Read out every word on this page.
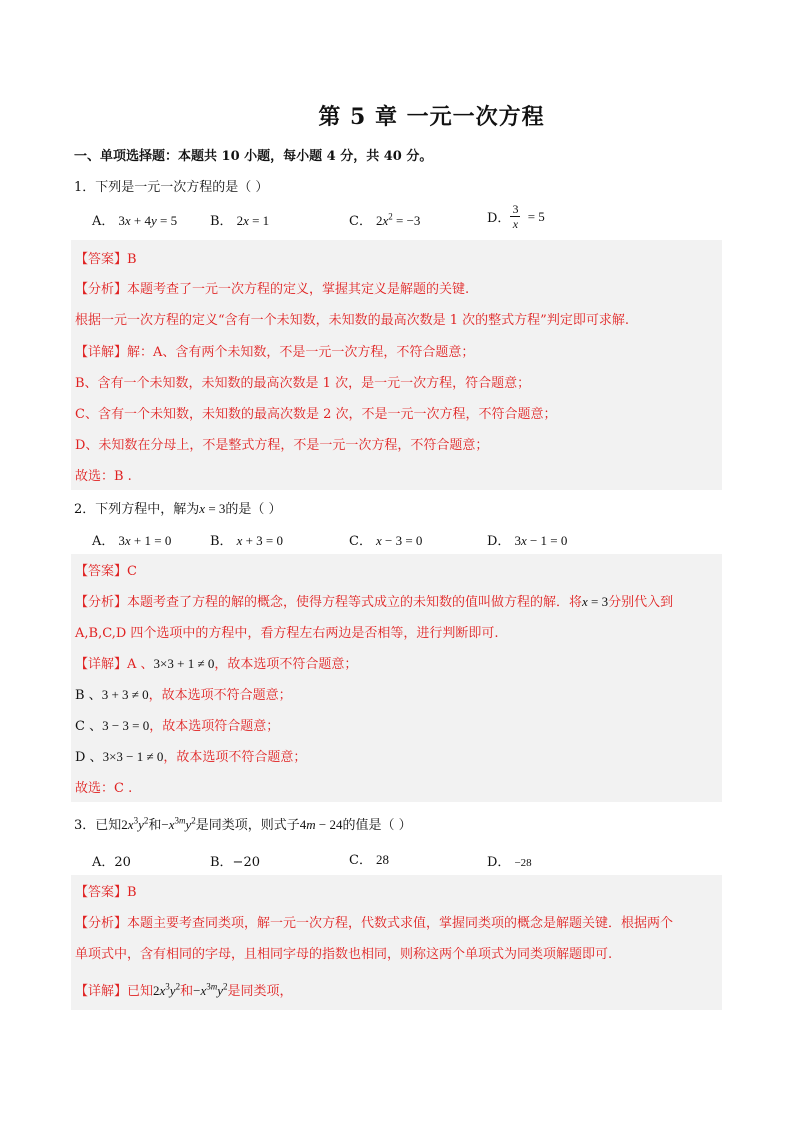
第 5 章 一元一次方程
一、单项选择题：本题共 10 小题，每小题 4 分，共 40 分。
1．下列是一元一次方程的是（ ）
A． 3x + 4y = 5	B． 2x = 1	C． $2x^2 = -3$	D． $\frac{3}{x} = 5$
【答案】B
【分析】本题考查了一元一次方程的定义，掌握其定义是解题的关键.
根据一元一次方程的定义“含有一个未知数，未知数的最高次数是 1 次的整式方程”判定即可求解.
【详解】解：A、含有两个未知数，不是一元一次方程，不符合题意；
B、含有一个未知数，未知数的最高次数是 1 次，是一元一次方程，符合题意；
C、含有一个未知数，未知数的最高次数是 2 次，不是一元一次方程，不符合题意；
D、未知数在分母上，不是整式方程，不是一元一次方程，不符合题意；
故选：B .
2．下列方程中，解为x = 3的是（ ）
A． 3x + 1 = 0	B． x + 3 = 0	C． x − 3 = 0	D． 3x − 1 = 0
【答案】C
【分析】本题考查了方程的解的概念，使得方程等式成立的未知数的值叫做方程的解．将x = 3分别代入到
A,B,C,D 四个选项中的方程中，看方程左右两边是否相等，进行判断即可.
【详解】A 、3×3 + 1 ≠ 0，故本选项不符合题意；
B 、3 + 3 ≠ 0，故本选项不符合题意；
C 、3 − 3 = 0，故本选项符合题意；
D 、3×3 − 1 ≠ 0，故本选项不符合题意；
故选：C .
3．已知$2x^3y^2$和$-x^{3m}y^2$是同类项，则式子4m − 24的值是（ ）
A．20	B．−20	C． 28	D． −28
【答案】B
【分析】本题主要考查同类项，解一元一次方程，代数式求值，掌握同类项的概念是解题关键．根据两个
单项式中，含有相同的字母，且相同字母的指数也相同，则称这两个单项式为同类项解题即可.
【详解】已知$2x^3y^2$和$-x^{3m}y^2$是同类项，
